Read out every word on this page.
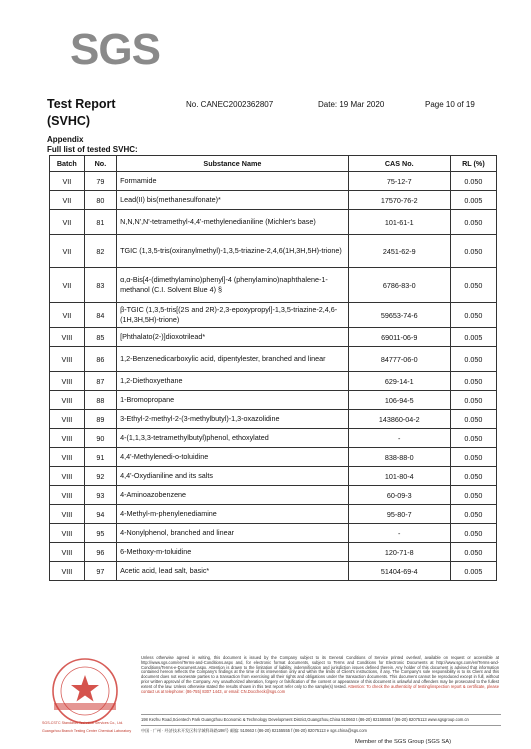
SGS
Test Report
(SVHC)
No. CANEC2002362807	Date: 19 Mar 2020	Page 10 of 19
Appendix
Full list of tested SVHC:
Batch	No.	Substance Name	CAS No.	RL (%)
VII	79	Formamide	75-12-7	0.050
VII	80	Lead(II) bis(methanesulfonate)*	17570-76-2	0.005
VII	81	N,N,N',N'-tetramethyl-4,4'-methylenedianiline (Michler's base)	101-61-1	0.050
VII	82	TGIC (1,3,5-tris(oxiranylmethyl)-1,3,5-triazine-2,4,6(1H,3H,5H)-trione)	2451-62-9	0.050
VII	83	α,α-Bis[4-(dimethylamino)phenyl]-4 (phenylamino)naphthalene-1-methanol (C.I. Solvent Blue 4) §	6786-83-0	0.050
VII	84	β-TGIC (1,3,5-tris[(2S and 2R)-2,3-epoxypropyl]-1,3,5-triazine-2,4,6-(1H,3H,5H)-trione)	59653-74-6	0.050
VIII	85	[Phthalato(2-)]dioxotrilead*	69011-06-9	0.005
VIII	86	1,2-Benzenedicarboxylic acid, dipentylester, branched and linear	84777-06-0	0.050
VIII	87	1,2-Diethoxyethane	629-14-1	0.050
VIII	88	1-Bromopropane	106-94-5	0.050
VIII	89	3-Ethyl-2-methyl-2-(3-methylbutyl)-1,3-oxazolidine	143860-04-2	0.050
VIII	90	4-(1,1,3,3-tetramethylbutyl)phenol, ethoxylated	-	0.050
VIII	91	4,4'-Methylenedi-o-toluidine	838-88-0	0.050
VIII	92	4,4'-Oxydianiline and its salts	101-80-4	0.050
VIII	93	4-Aminoazobenzene	60-09-3	0.050
VIII	94	4-Methyl-m-phenylenediamine	95-80-7	0.050
VIII	95	4-Nonylphenol, branched and linear	-	0.050
VIII	96	6-Methoxy-m-toluidine	120-71-8	0.050
VIII	97	Acetic acid, lead salt, basic*	51404-69-4	0.005
SGS-CSTC Standards Technical Services Co., Ltd.
Guangzhou Branch Testing Center Chemical Laboratory
Unless otherwise agreed in writing, this document is issued by the Company subject to its General Conditions of Service printed overleaf, available on request or accessible at http://www.sgs.com/en/Terms-and-Conditions.aspx and, for electronic format documents, subject to Terms and Conditions for Electronic Documents at http://www.sgs.com/en/Terms-and-Conditions/Terms-e-Document.aspx. Attention is drawn to the limitation of liability, indemnification and jurisdiction issues defined therein. Any holder of this document is advised that information contained hereon reflects the Company's findings at the time of its intervention only and within the limits of Client's instructions, if any. The Company's sole responsibility is to its Client and this document does not exonerate parties to a transaction from exercising all their rights and obligations under the transaction documents. This document cannot be reproduced except in full, without prior written approval of the Company. Any unauthorized alteration, forgery or falsification of the content or appearance of this document is unlawful and offenders may be prosecuted to the fullest extent of the law. Unless otherwise stated the results shown in this test report refer only to the sample(s) tested. Attention: To check the authenticity of testing/inspection report & certificate, please contact us at telephone: (86-755) 8307 1443, or email: CN.Doccheck@sgs.com
198 Kezhu Road,Scientech Park Guangzhou Economic & Technology Development District,Guangzhou,China 510663 t (86-20) 82155555 f (86-20) 82075113 www.sgsgroup.com.cn
中国 · 广州 · 经济技术开发区科学城科珠路198号 邮编: 510663 t (86-20) 82155555 f (86-20) 82075113 e sgs.china@sgs.com
Member of the SGS Group (SGS SA)
